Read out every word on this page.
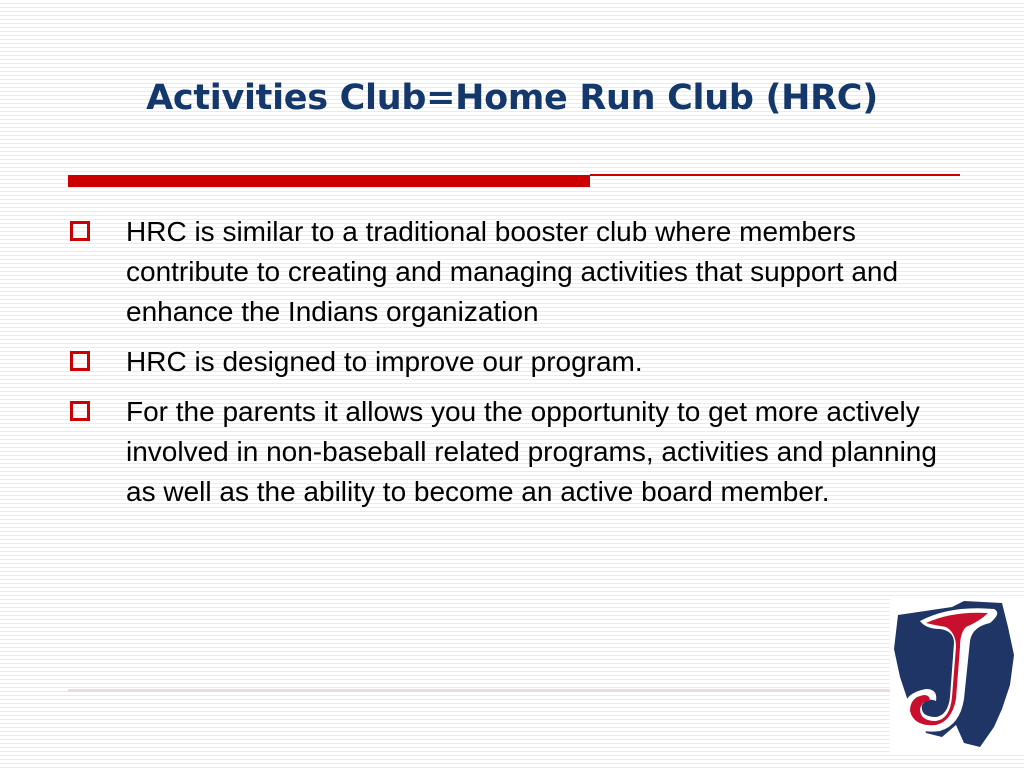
Activities Club=Home Run Club (HRC)
HRC is similar to a traditional booster club where members contribute to creating and managing activities that support and enhance the Indians organization
HRC is designed to improve our program.
For the parents it allows you the opportunity to get more actively involved in non-baseball related programs, activities and planning as well as the ability to become an active board member.
